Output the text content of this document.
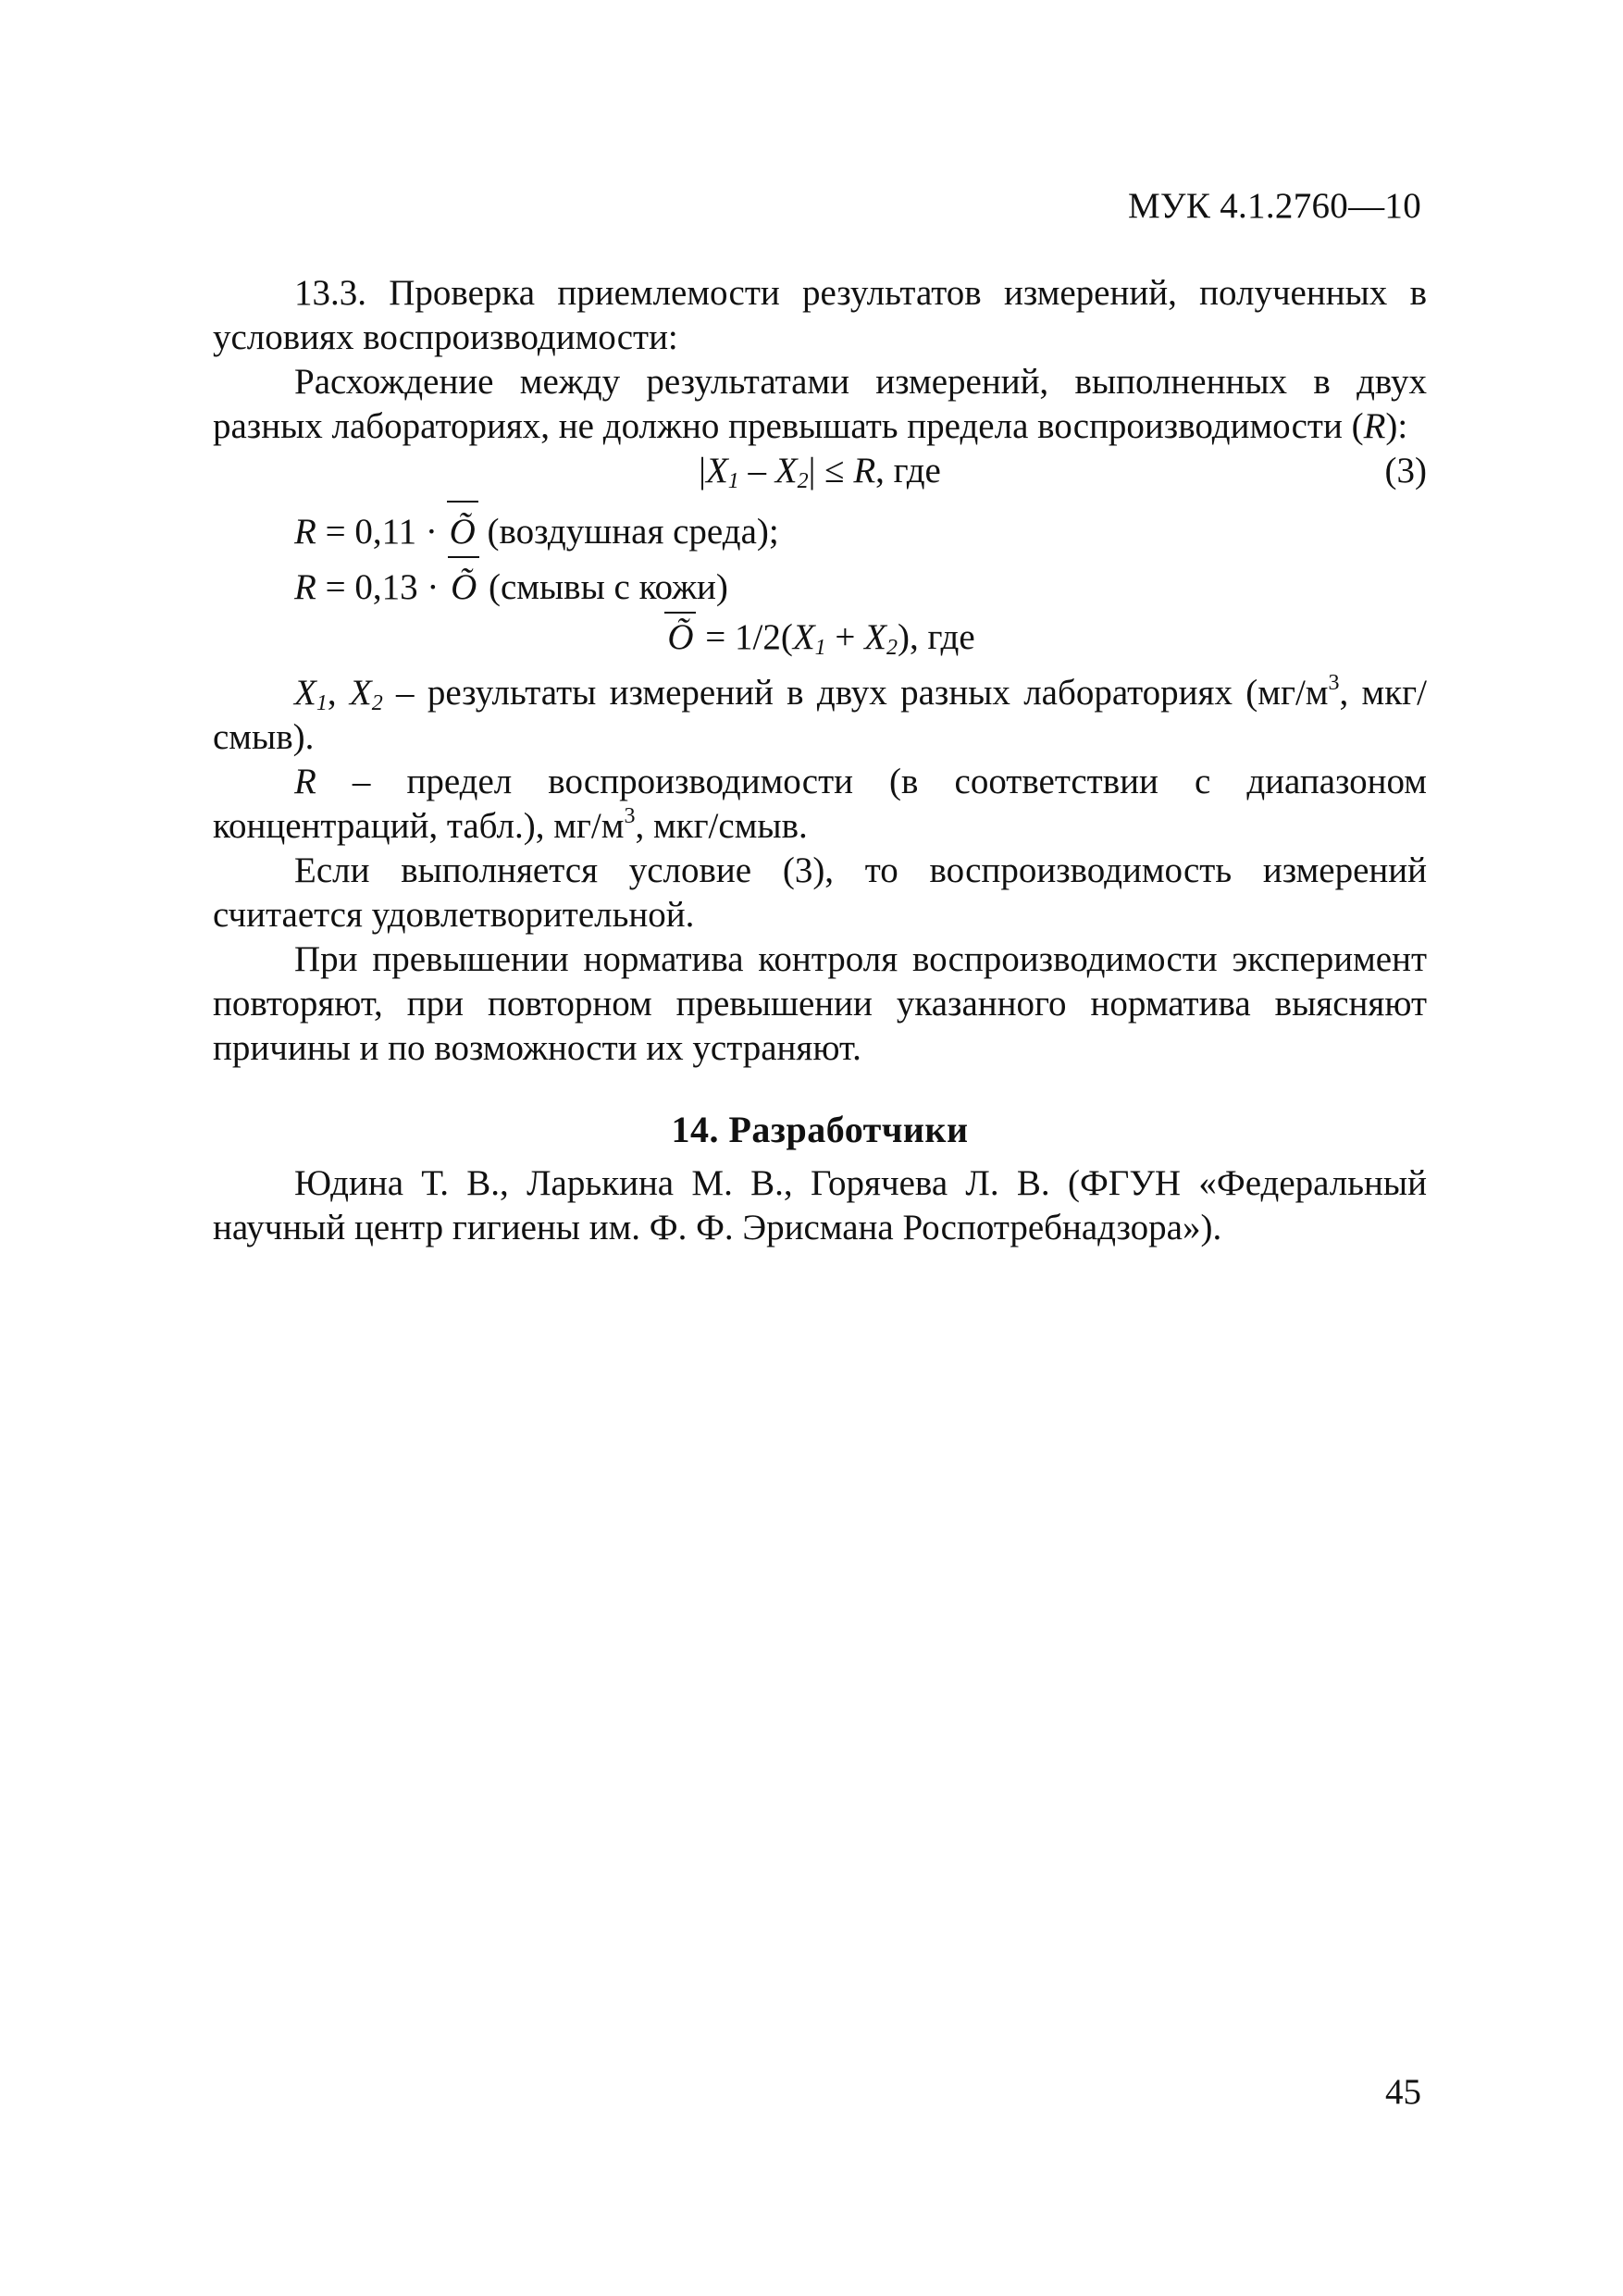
МУК 4.1.2760—10

13.3. Проверка приемлемости результатов измерений, полученных в условиях воспроизводимости:

Расхождение между результатами измерений, выполненных в двух разных лабораториях, не должно превышать предела воспроизводимости (R):

$|X_1 - X_2| \le R$, где	(3)

R = 0,11 · Õ (воздушная среда);

R = 0,13 · Õ (смывы с кожи)

Õ = $1/2(X_1 + X_2)$, где

$X_1$, $X_2$ – результаты измерений в двух разных лабораториях ($мг/м^3$, мкг/смыв).

R – предел воспроизводимости (в соответствии с диапазоном концентраций, табл.), $мг/м^3$, мкг/смыв.

Если выполняется условие (3), то воспроизводимость измерений считается удовлетворительной.

При превышении норматива контроля воспроизводимости эксперимент повторяют, при повторном превышении указанного норматива выясняют причины и по возможности их устраняют.

14. Разработчики

Юдина Т. В., Ларькина М. В., Горячева Л. В. (ФГУН «Федеральный научный центр гигиены им. Ф. Ф. Эрисмана Роспотребнадзора»).

45
